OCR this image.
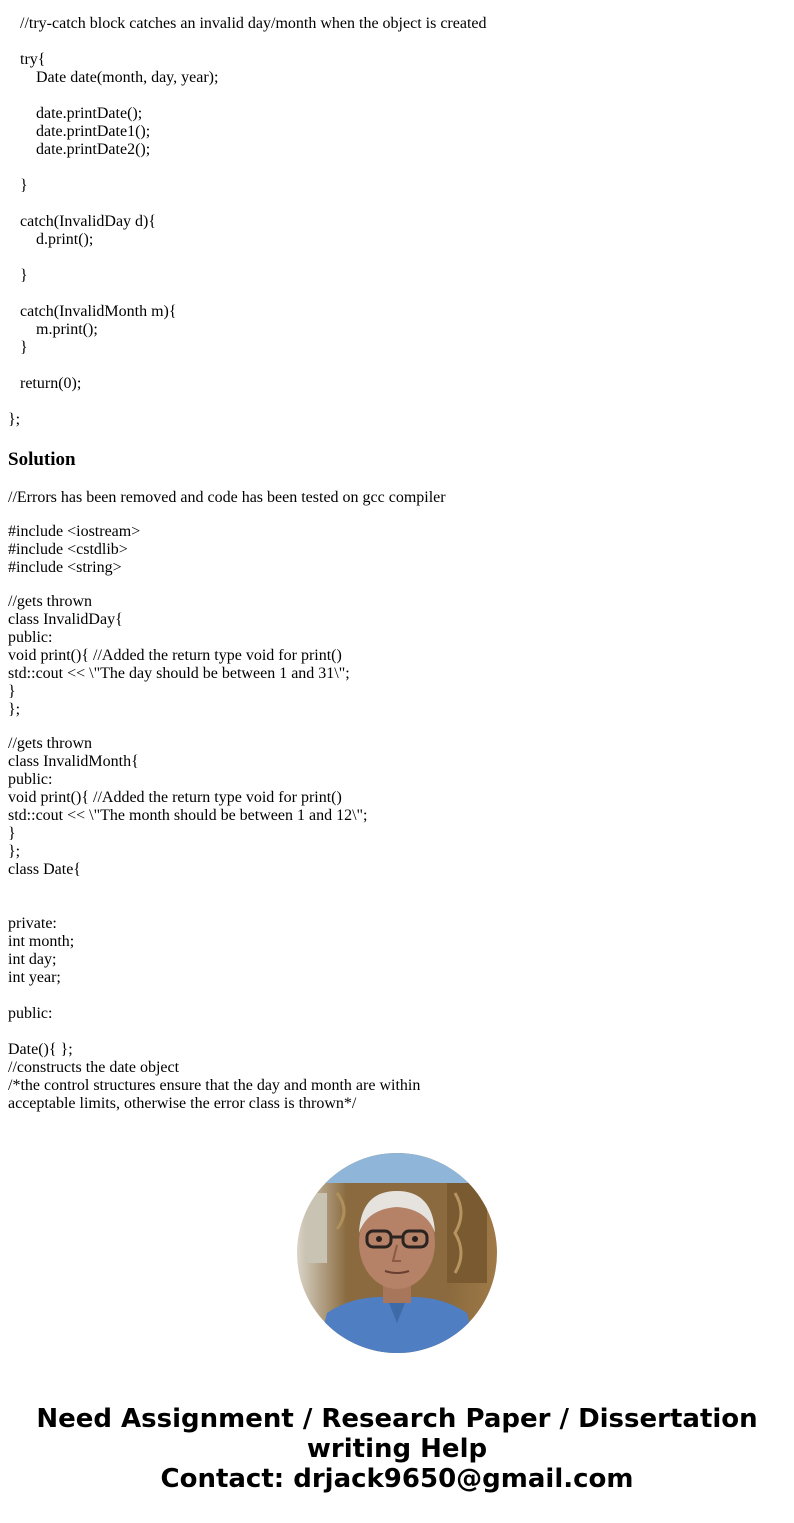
//try-catch block catches an invalid day/month when the object is created

try{

Date date(month, day, year);

date.printDate();

date.printDate1();

date.printDate2();

}

catch(InvalidDay d){

d.print();

}

catch(InvalidMonth m){

m.print();

}

return(0);

};

Solution

//Errors has been removed and code has been tested on gcc compiler

#include <iostream>

#include <cstdlib>

#include <string>

//gets thrown

class InvalidDay{

public:

void print(){ //Added the return type void for print()

std::cout << \"The day should be between 1 and 31\";

}

};

//gets thrown

class InvalidMonth{

public:

void print(){ //Added the return type void for print()

std::cout << \"The month should be between 1 and 12\";

}

};

class Date{

private:

int month;

int day;

int year;

public:

Date(){ };

//constructs the date object

/*the control structures ensure that the day and month are within

acceptable limits, otherwise the error class is thrown*/

Need Assignment / Research Paper / Dissertation

writing Help

Contact: drjack9650@gmail.com
